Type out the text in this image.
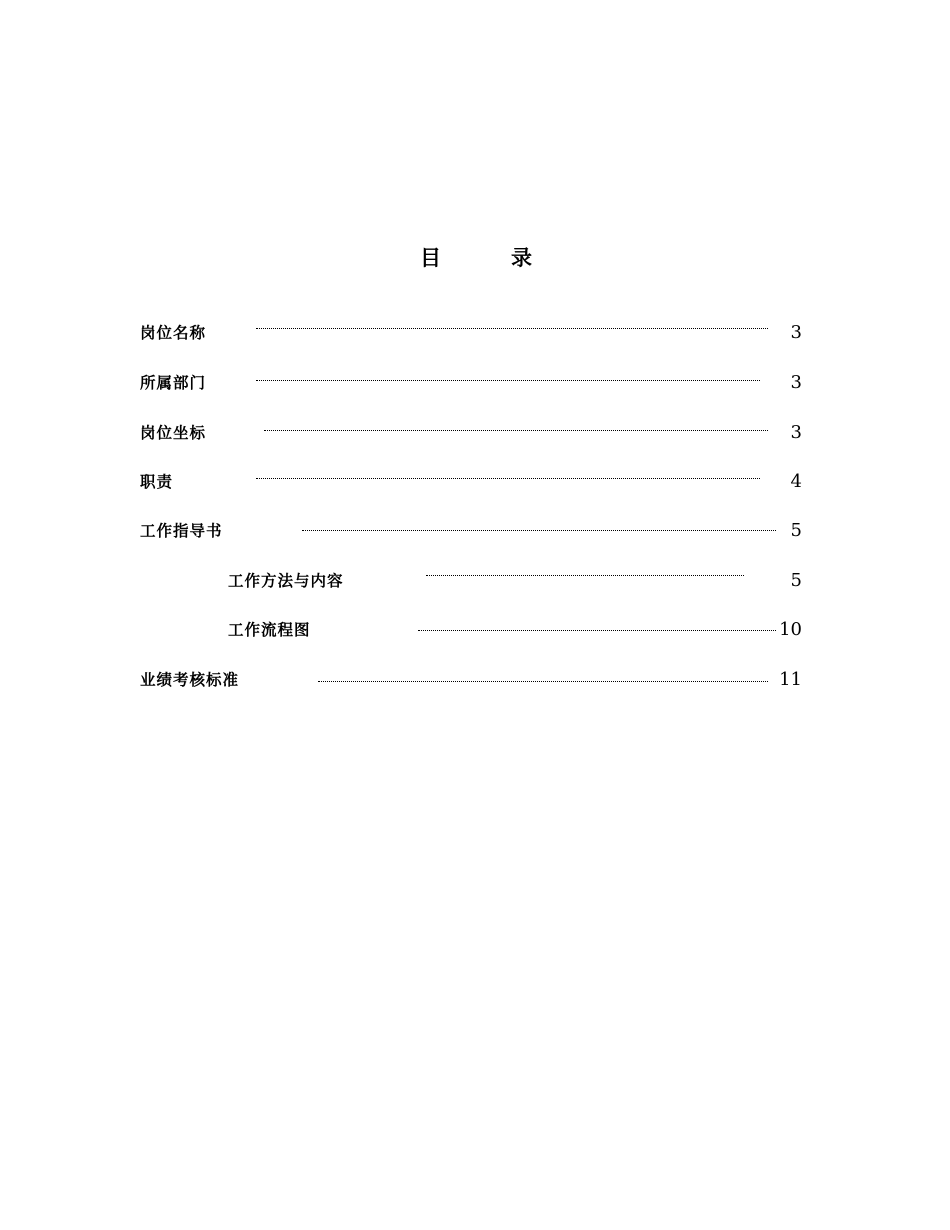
目	录
岗位名称	3
所属部门	3
岗位坐标	3
职责	4
工作指导书	5
工作方法与内容	5
工作流程图	10
业绩考核标准	11
